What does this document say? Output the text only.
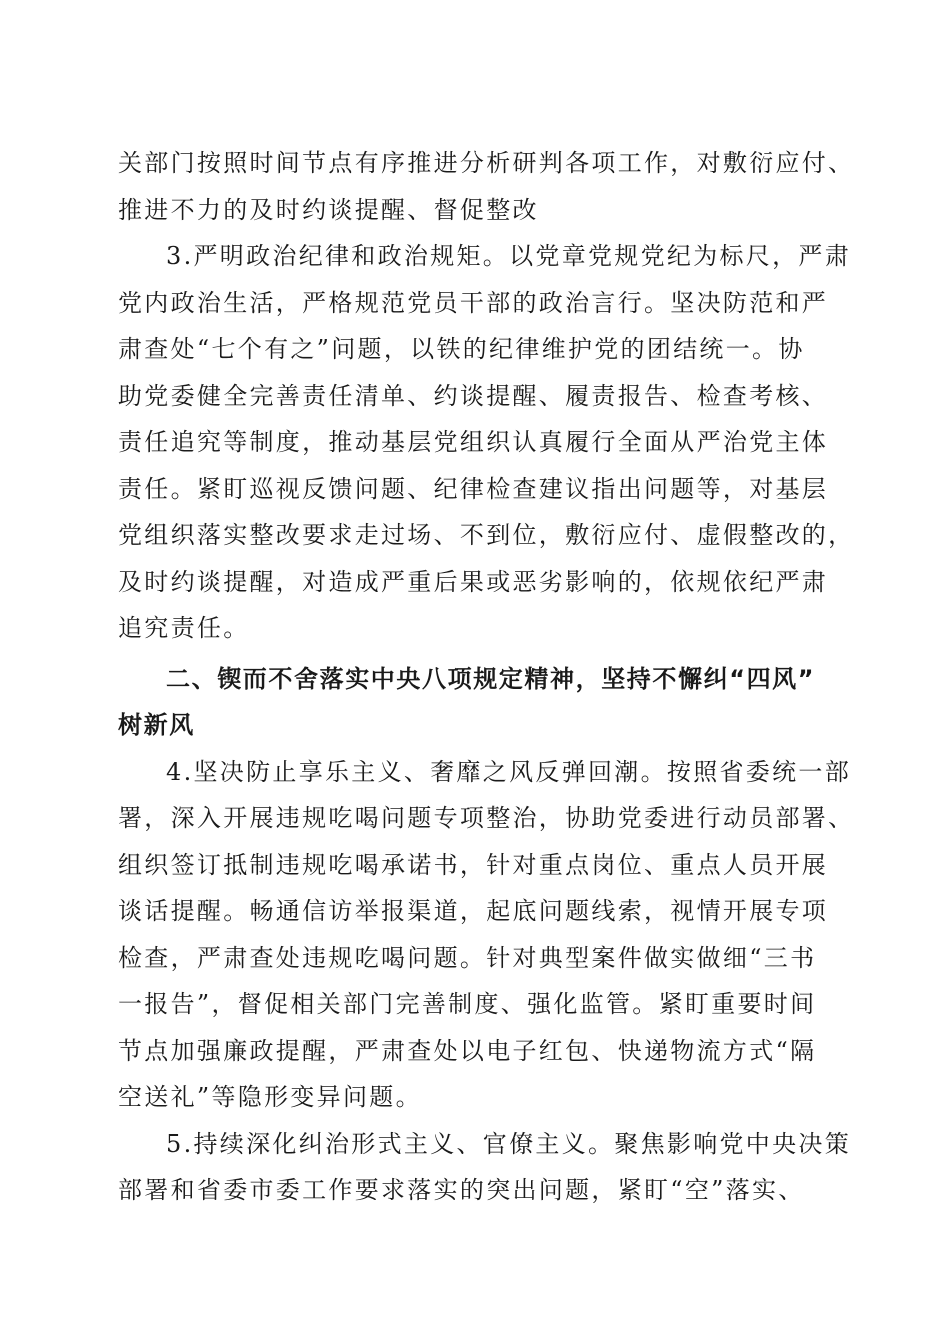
关部门按照时间节点有序推进分析研判各项工作，对敷衍应付、
推进不力的及时约谈提醒、督促整改
3.严明政治纪律和政治规矩。以党章党规党纪为标尺，严肃
党内政治生活，严格规范党员干部的政治言行。坚决防范和严
肃查处“七个有之”问题，以铁的纪律维护党的团结统一。协
助党委健全完善责任清单、约谈提醒、履责报告、检查考核、
责任追究等制度，推动基层党组织认真履行全面从严治党主体
责任。紧盯巡视反馈问题、纪律检查建议指出问题等，对基层
党组织落实整改要求走过场、不到位，敷衍应付、虚假整改的，
及时约谈提醒，对造成严重后果或恶劣影响的，依规依纪严肃
追究责任。
二、锲而不舍落实中央八项规定精神，坚持不懈纠“四风”
树新风
4.坚决防止享乐主义、奢靡之风反弹回潮。按照省委统一部
署，深入开展违规吃喝问题专项整治，协助党委进行动员部署、
组织签订抵制违规吃喝承诺书，针对重点岗位、重点人员开展
谈话提醒。畅通信访举报渠道，起底问题线索，视情开展专项
检查，严肃查处违规吃喝问题。针对典型案件做实做细“三书
一报告”，督促相关部门完善制度、强化监管。紧盯重要时间
节点加强廉政提醒，严肃查处以电子红包、快递物流方式“隔
空送礼”等隐形变异问题。
5.持续深化纠治形式主义、官僚主义。聚焦影响党中央决策
部署和省委市委工作要求落实的突出问题，紧盯“空”落实、
